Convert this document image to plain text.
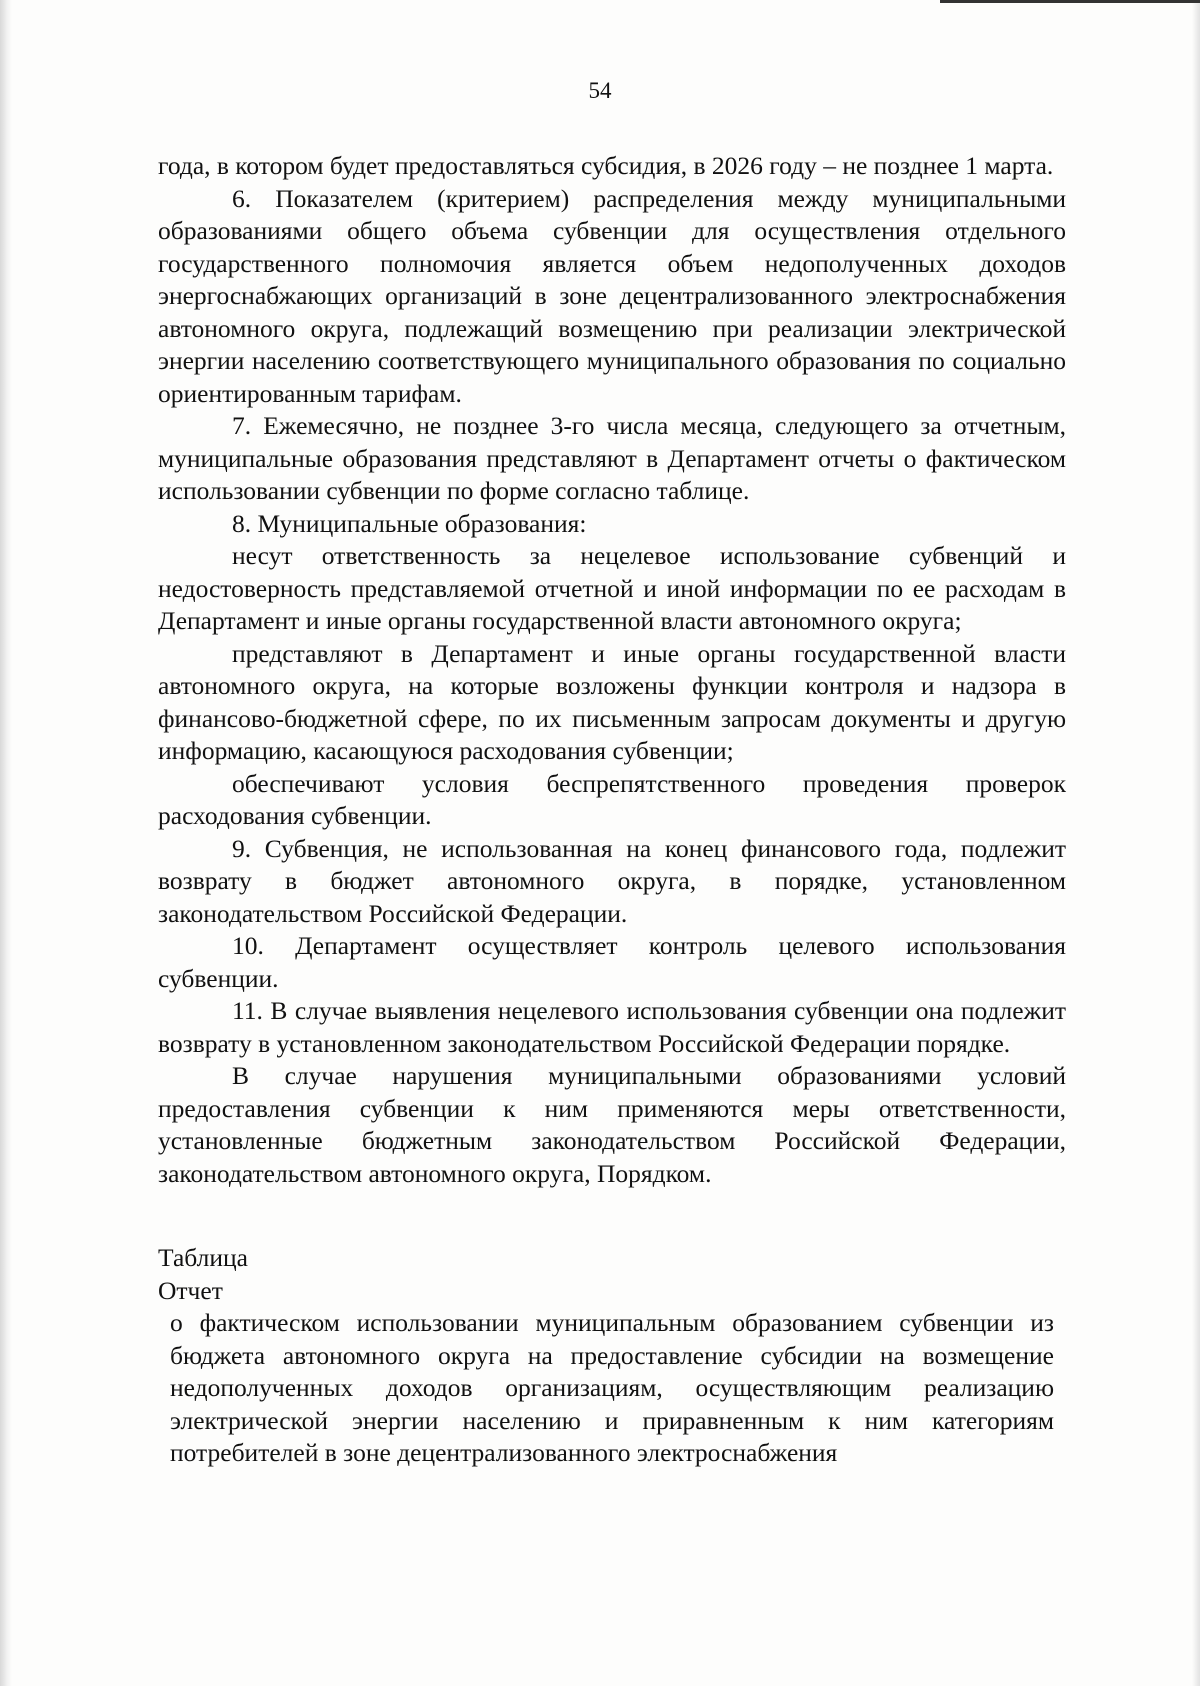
54

года, в котором будет предоставляться субсидия, в 2026 году – не позднее 1 марта.

6. Показателем (критерием) распределения между муниципальными образованиями общего объема субвенции для осуществления отдельного государственного полномочия является объем недополученных доходов энергоснабжающих организаций в зоне децентрализованного электроснабжения автономного округа, подлежащий возмещению при реализации электрической энергии населению соответствующего муниципального образования по социально ориентированным тарифам.

7. Ежемесячно, не позднее 3-го числа месяца, следующего за отчетным, муниципальные образования представляют в Департамент отчеты о фактическом использовании субвенции по форме согласно таблице.

8. Муниципальные образования:

несут ответственность за нецелевое использование субвенций и недостоверность представляемой отчетной и иной информации по ее расходам в Департамент и иные органы государственной власти автономного округа;

представляют в Департамент и иные органы государственной власти автономного округа, на которые возложены функции контроля и надзора в финансово-бюджетной сфере, по их письменным запросам документы и другую информацию, касающуюся расходования субвенции;

обеспечивают условия беспрепятственного проведения проверок расходования субвенции.

9. Субвенция, не использованная на конец финансового года, подлежит возврату в бюджет автономного округа, в порядке, установленном законодательством Российской Федерации.

10. Департамент осуществляет контроль целевого использования субвенции.

11. В случае выявления нецелевого использования субвенции она подлежит возврату в установленном законодательством Российской Федерации порядке.

В случае нарушения муниципальными образованиями условий предоставления субвенции к ним применяются меры ответственности, установленные бюджетным законодательством Российской Федерации, законодательством автономного округа, Порядком.

Таблица

Отчет

о фактическом использовании муниципальным образованием субвенции из бюджета автономного округа на предоставление субсидии на возмещение недополученных доходов организациям, осуществляющим реализацию электрической энергии населению и приравненным к ним категориям потребителей в зоне децентрализованного электроснабжения
